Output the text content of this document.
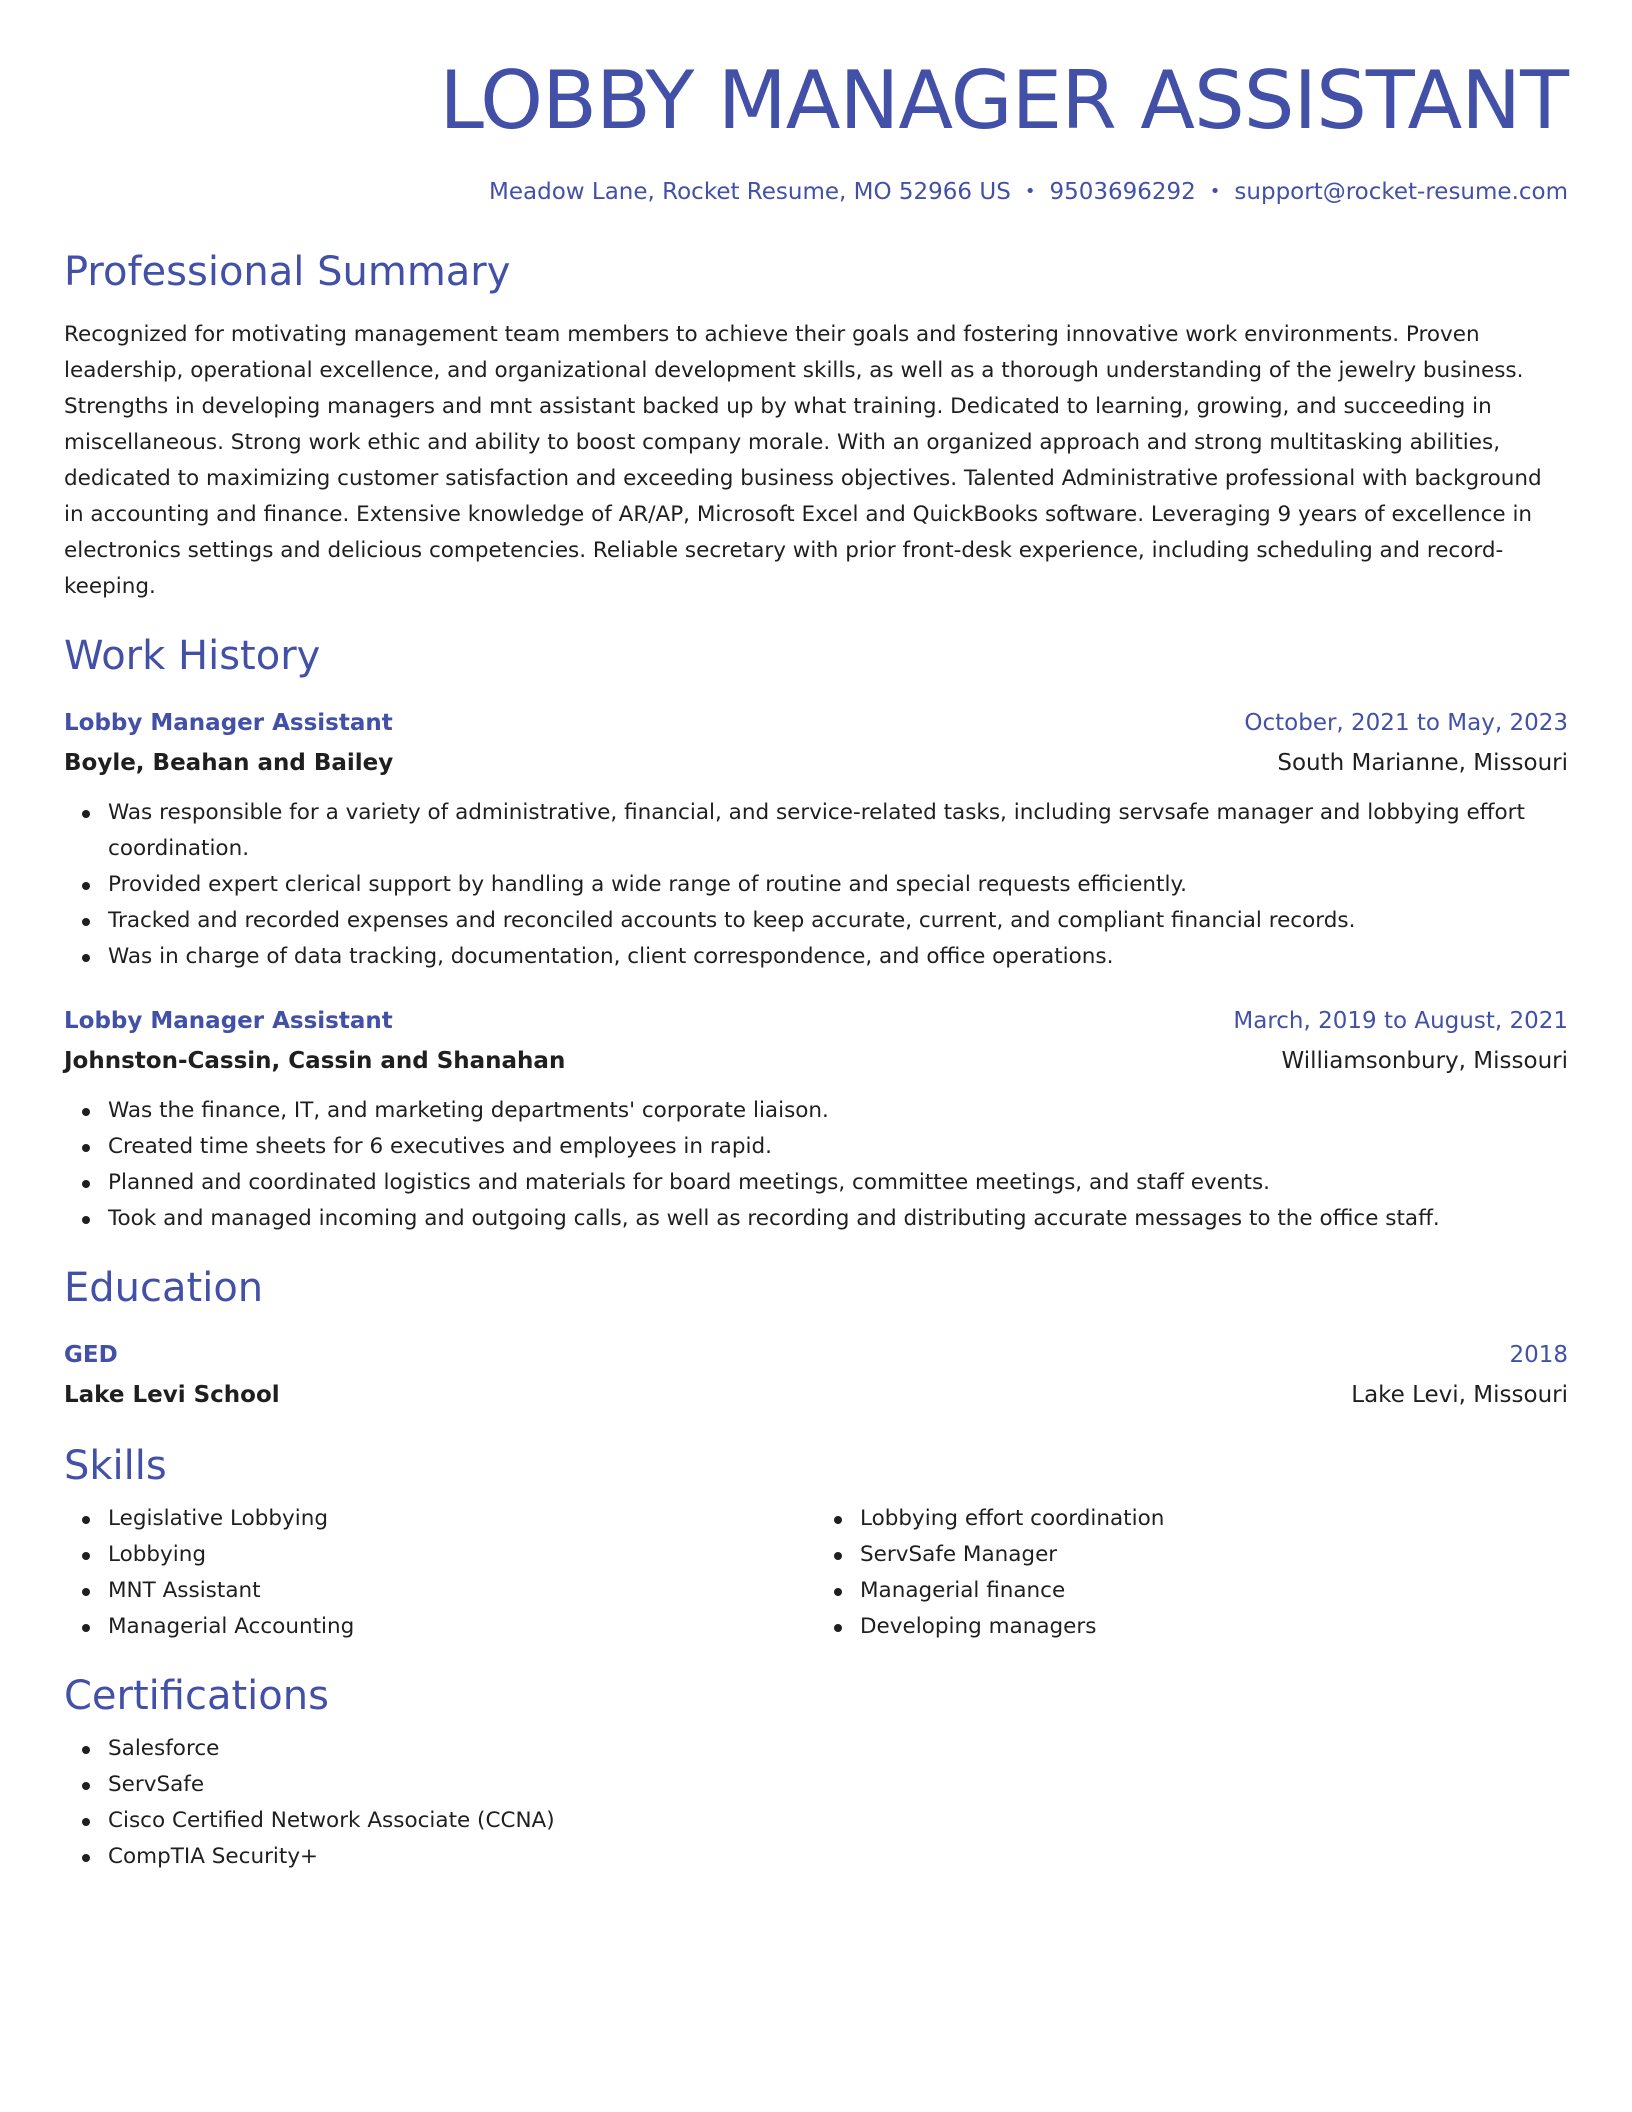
LOBBY MANAGER ASSISTANT
Meadow Lane, Rocket Resume, MO 52966 US • 9503696292 • support@rocket-resume.com
Professional Summary
Recognized for motivating management team members to achieve their goals and fostering innovative work environments. Proven leadership, operational excellence, and organizational development skills, as well as a thorough understanding of the jewelry business. Strengths in developing managers and mnt assistant backed up by what training. Dedicated to learning, growing, and succeeding in miscellaneous. Strong work ethic and ability to boost company morale. With an organized approach and strong multitasking abilities, dedicated to maximizing customer satisfaction and exceeding business objectives. Talented Administrative professional with background in accounting and finance. Extensive knowledge of AR/AP, Microsoft Excel and QuickBooks software. Leveraging 9 years of excellence in electronics settings and delicious competencies. Reliable secretary with prior front-desk experience, including scheduling and record-keeping.
Work History
Lobby Manager Assistant	October, 2021 to May, 2023
Boyle, Beahan and Bailey	South Marianne, Missouri
Was responsible for a variety of administrative, financial, and service-related tasks, including servsafe manager and lobbying effort coordination.
Provided expert clerical support by handling a wide range of routine and special requests efficiently.
Tracked and recorded expenses and reconciled accounts to keep accurate, current, and compliant financial records.
Was in charge of data tracking, documentation, client correspondence, and office operations.
Lobby Manager Assistant	March, 2019 to August, 2021
Johnston-Cassin, Cassin and Shanahan	Williamsonbury, Missouri
Was the finance, IT, and marketing departments' corporate liaison.
Created time sheets for 6 executives and employees in rapid.
Planned and coordinated logistics and materials for board meetings, committee meetings, and staff events.
Took and managed incoming and outgoing calls, as well as recording and distributing accurate messages to the office staff.
Education
GED	2018
Lake Levi School	Lake Levi, Missouri
Skills
Legislative Lobbying
Lobbying
MNT Assistant
Managerial Accounting
Lobbying effort coordination
ServSafe Manager
Managerial finance
Developing managers
Certifications
Salesforce
ServSafe
Cisco Certified Network Associate (CCNA)
CompTIA Security+
